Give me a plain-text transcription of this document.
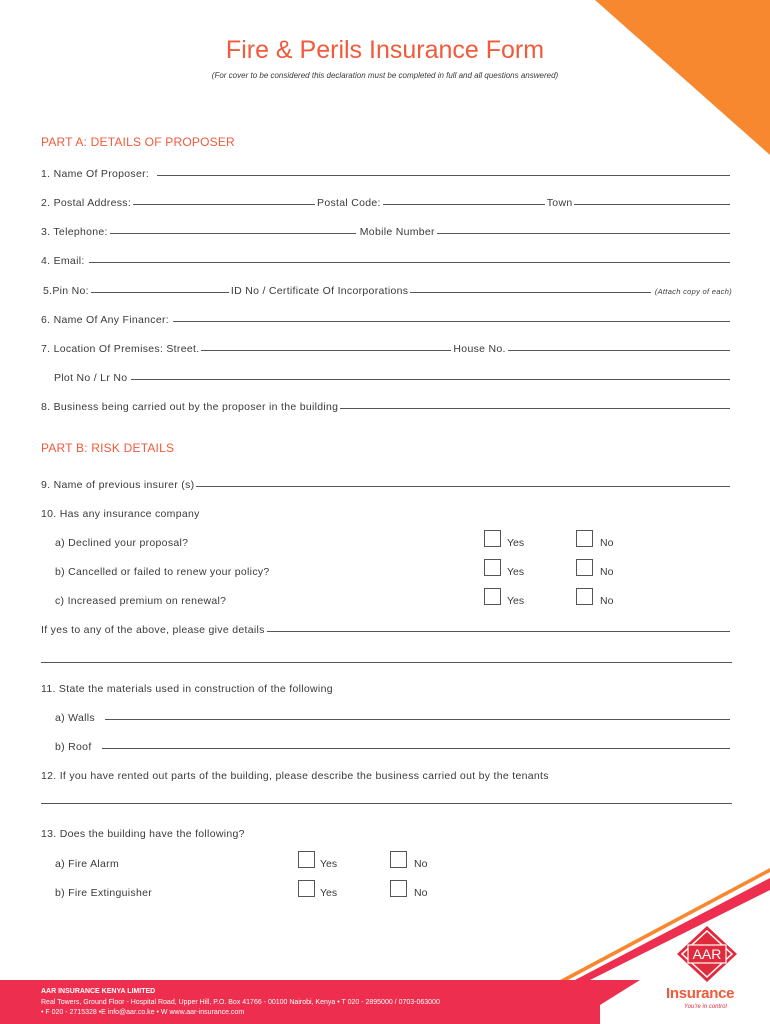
Fire & Perils Insurance Form
(For cover to be considered this declaration must be completed in full and all questions answered)
PART A: DETAILS OF PROPOSER
1. Name Of Proposer:
2. Postal Address:	Postal Code:	Town
3. Telephone:	Mobile Number
4. Email:
5.Pin No:	ID No / Certificate Of Incorporations	(Attach copy of each)
6. Name Of Any Financer:
7. Location Of Premises: Street.	House No.
Plot No / Lr No
8. Business being carried out by the proposer in the building
PART B: RISK DETAILS
9. Name of previous insurer (s)
10. Has any insurance company
a) Declined your proposal?	Yes	No
b) Cancelled or failed to renew your policy?	Yes	No
c) Increased premium on renewal?	Yes	No
If yes to any of the above, please give details
11. State the materials used in construction of the following
a) Walls
b) Roof
12. If you have rented out parts of the building, please describe the business carried out by the tenants
13. Does the building have the following?
a) Fire Alarm	Yes	No
b) Fire Extinguisher	Yes	No
AAR INSURANCE KENYA LIMITED
Real Towers, Ground Floor - Hospital Road, Upper Hill, P.O. Box 41766 - 00100 Nairobi, Kenya • T 020 - 2895000 / 0703-063000
• F 020 - 2715328 •E info@aar.co.ke • W www.aar-insurance.com
AAR
Insurance
You're in control
